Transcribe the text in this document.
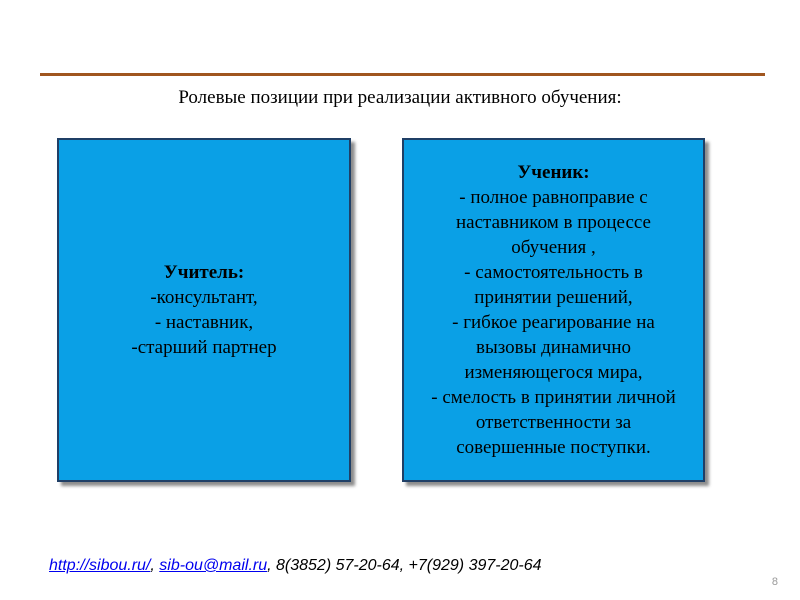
Ролевые позиции при реализации активного обучения:
Учитель:
-консультант,
- наставник,
-старший партнер
Ученик:
- полное равноправие с
наставником в процессе
обучения ,
- самостоятельность в
принятии решений,
- гибкое реагирование на
вызовы динамично
изменяющегося мира,
- смелость в принятии личной
ответственности за
совершенные поступки.
http://sibou.ru/, sib-ou@mail.ru, 8(3852) 57-20-64, +7(929) 397-20-64
8
